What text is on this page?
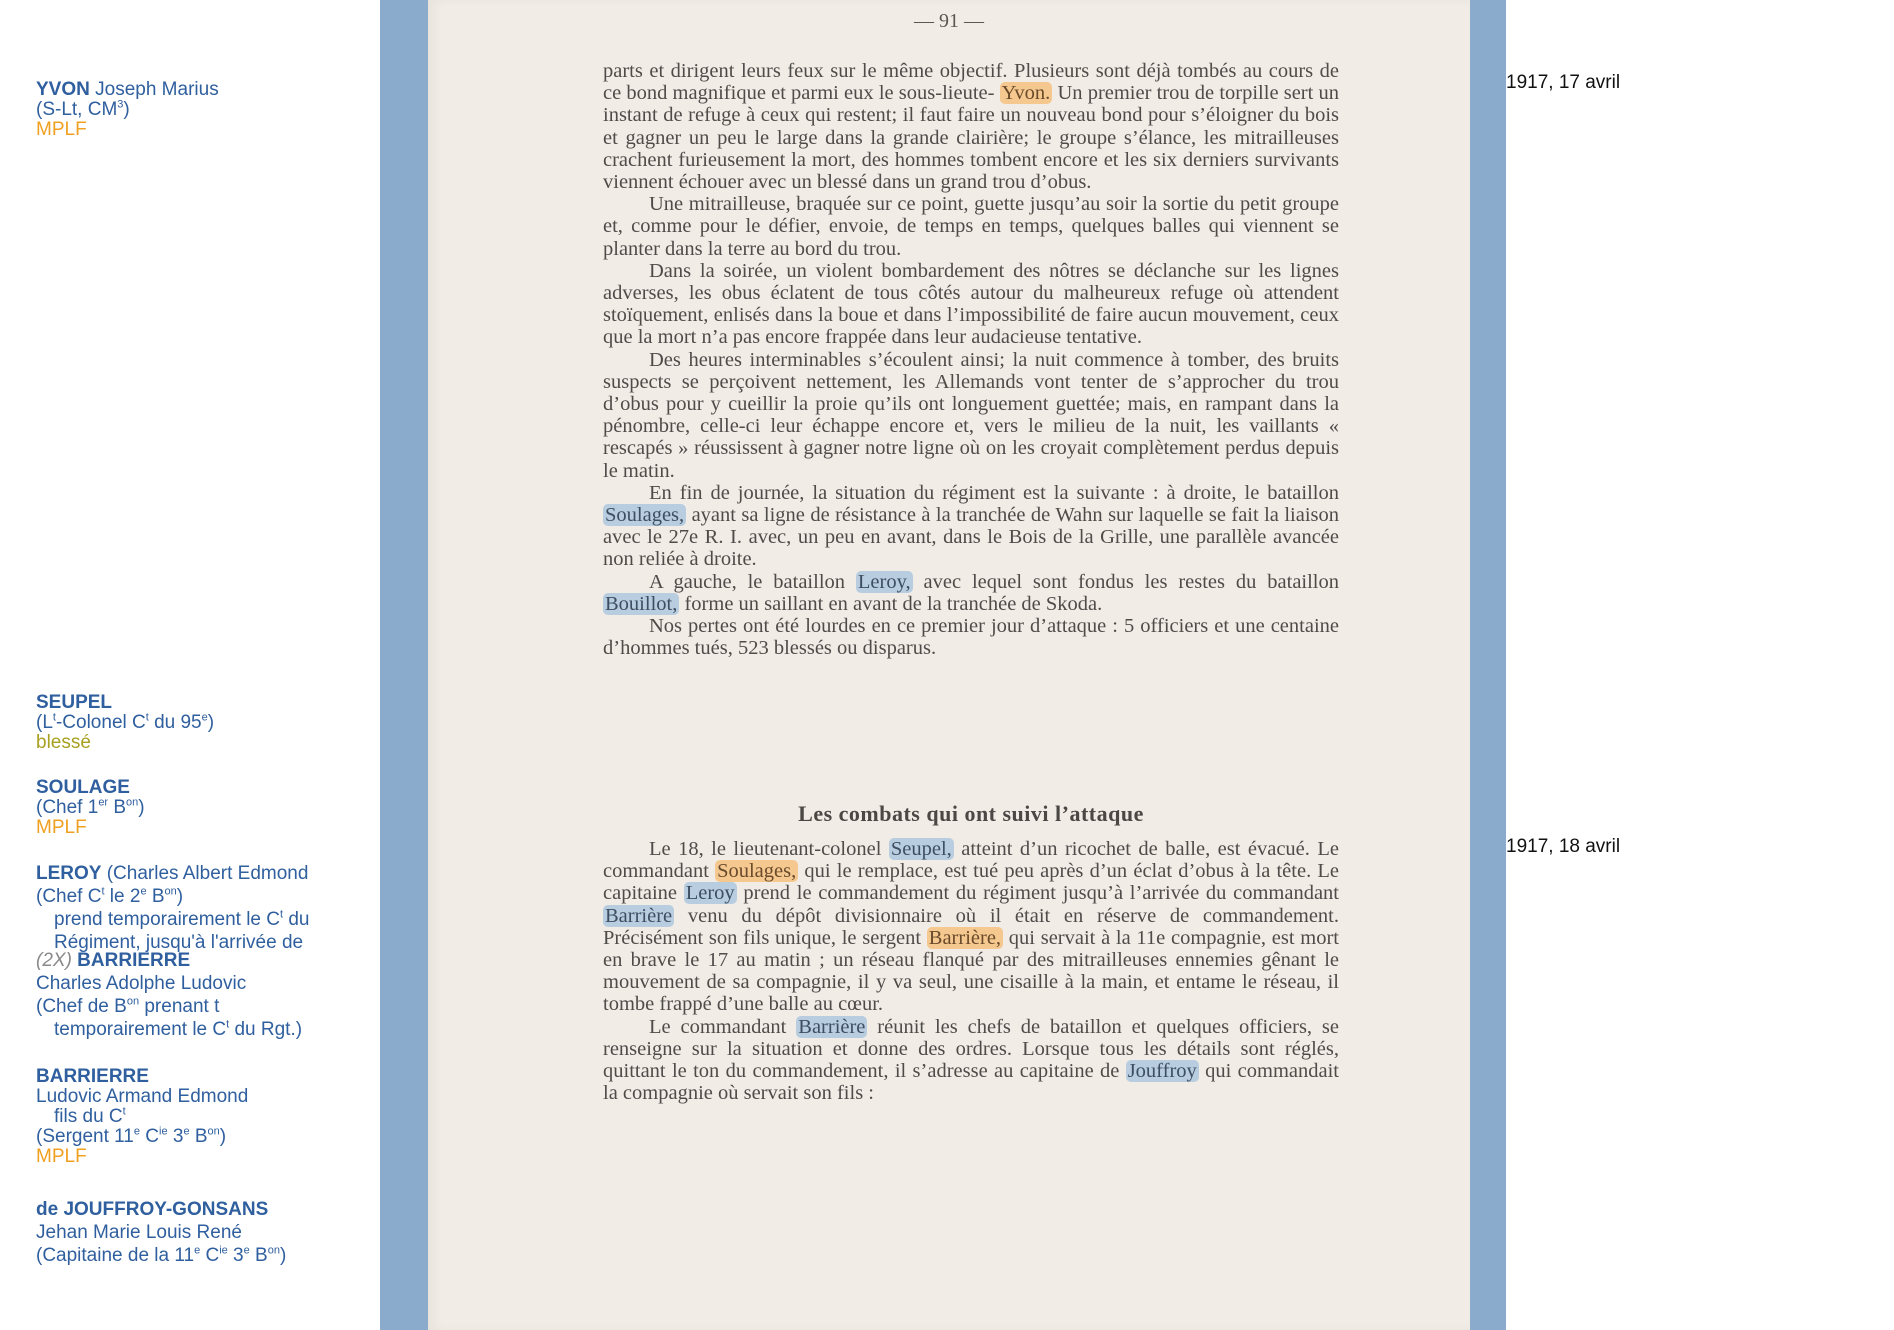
YVON Joseph Marius
(S-Lt, $CM^3$)
MPLF
SEUPEL
($L^t$-Colonel $C^t$ du 95e)
blessé
SOULAGE
(Chef 1er $B^{on}$)
MPLF
LEROY (Charles Albert Edmond
(Chef $C^t$ le 2e $B^{on}$)
prend temporairement le $C^t$ du
Régiment, jusqu'à l'arrivée de
(2X) BARRIERRE
Charles Adolphe Ludovic
(Chef de $B^{on}$ prenant t
temporairement le $C^t$ du Rgt.)
BARRIERRE
Ludovic Armand Edmond
fils du $C^t$
(Sergent 11e $C^{ie}$ 3e $B^{on}$)
MPLF
de JOUFFROY-GONSANS
Jehan Marie Louis René
(Capitaine de la 11e $C^{ie}$ 3e $B^{on}$)
— 91 —

parts et dirigent leurs feux sur le même objectif. Plusieurs sont déjà tombés au cours de ce bond magnifique et parmi eux le sous-lieute- Yvon. Un premier trou de torpille sert un instant de refuge à ceux qui restent; il faut faire un nouveau bond pour s’éloigner du bois et gagner un peu le large dans la grande clairière; le groupe s’élance, les mitrailleuses crachent furieusement la mort, des hommes tombent encore et les six derniers survivants viennent échouer avec un blessé dans un grand trou d’obus.

Une mitrailleuse, braquée sur ce point, guette jusqu’au soir la sortie du petit groupe et, comme pour le défier, envoie, de temps en temps, quelques balles qui viennent se planter dans la terre au bord du trou.

Dans la soirée, un violent bombardement des nôtres se déclanche sur les lignes adverses, les obus éclatent de tous côtés autour du malheureux refuge où attendent stoïquement, enlisés dans la boue et dans l’impossibilité de faire aucun mouvement, ceux que la mort n’a pas encore frappée dans leur audacieuse tentative.

Des heures interminables s’écoulent ainsi; la nuit commence à tomber, des bruits suspects se perçoivent nettement, les Allemands vont tenter de s’approcher du trou d’obus pour y cueillir la proie qu’ils ont longuement guettée; mais, en rampant dans la pénombre, celle-ci leur échappe encore et, vers le milieu de la nuit, les vaillants « rescapés » réussissent à gagner notre ligne où on les croyait complètement perdus depuis le matin.

En fin de journée, la situation du régiment est la suivante : à droite, le bataillon Soulages, ayant sa ligne de résistance à la tranchée de Wahn sur laquelle se fait la liaison avec le 27e R. I. avec, un peu en avant, dans le Bois de la Grille, une parallèle avancée non reliée à droite.

A gauche, le bataillon Leroy, avec lequel sont fondus les restes du bataillon Bouillot, forme un saillant en avant de la tranchée de Skoda.

Nos pertes ont été lourdes en ce premier jour d’attaque : 5 officiers et une centaine d’hommes tués, 523 blessés ou disparus.

Les combats qui ont suivi l’attaque

Le 18, le lieutenant-colonel Seupel, atteint d’un ricochet de balle, est évacué. Le commandant Soulages, qui le remplace, est tué peu après d’un éclat d’obus à la tête. Le capitaine Leroy prend le commandement du régiment jusqu’à l’arrivée du commandant Barrière venu du dépôt divisionnaire où il était en réserve de commandement. Précisément son fils unique, le sergent Barrière, qui servait à la 11e compagnie, est mort en brave le 17 au matin ; un réseau flanqué par des mitrailleuses ennemies gênant le mouvement de sa compagnie, il y va seul, une cisaille à la main, et entame le réseau, il tombe frappé d’une balle au cœur.

Le commandant Barrière réunit les chefs de bataillon et quelques officiers, se renseigne sur la situation et donne des ordres. Lorsque tous les détails sont réglés, quittant le ton du commandement, il s’adresse au capitaine de Jouffroy qui commandait la compagnie où servait son fils :

1917, 17 avril
1917, 18 avril
